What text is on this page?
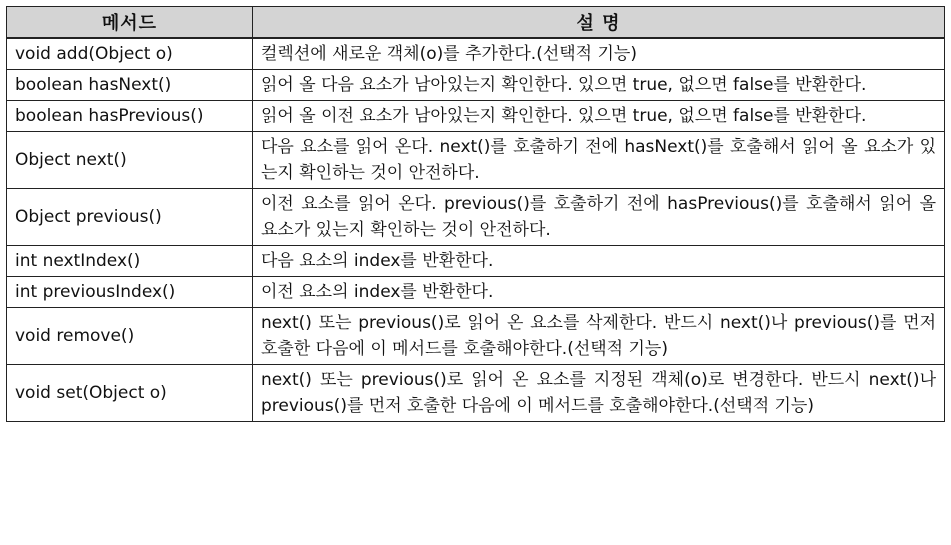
메서드	설 명
void add(Object o)	컬렉션에 새로운 객체(o)를 추가한다.(선택적 기능)
boolean hasNext()	읽어 올 다음 요소가 남아있는지 확인한다. 있으면 true, 없으면 false를 반환한다.
boolean hasPrevious()	읽어 올 이전 요소가 남아있는지 확인한다. 있으면 true, 없으면 false를 반환한다.
Object next()	다음 요소를 읽어 온다. next()를 호출하기 전에 hasNext()를 호출해서 읽어 올 요소가 있는지 확인하는 것이 안전하다.
Object previous()	이전 요소를 읽어 온다. previous()를 호출하기 전에 hasPrevious()를 호출해서 읽어 올 요소가 있는지 확인하는 것이 안전하다.
int nextIndex()	다음 요소의 index를 반환한다.
int previousIndex()	이전 요소의 index를 반환한다.
void remove()	next() 또는 previous()로 읽어 온 요소를 삭제한다. 반드시 next()나 previous()를 먼저 호출한 다음에 이 메서드를 호출해야한다.(선택적 기능)
void set(Object o)	next() 또는 previous()로 읽어 온 요소를 지정된 객체(o)로 변경한다. 반드시 next()나 previous()를 먼저 호출한 다음에 이 메서드를 호출해야한다.(선택적 기능)
